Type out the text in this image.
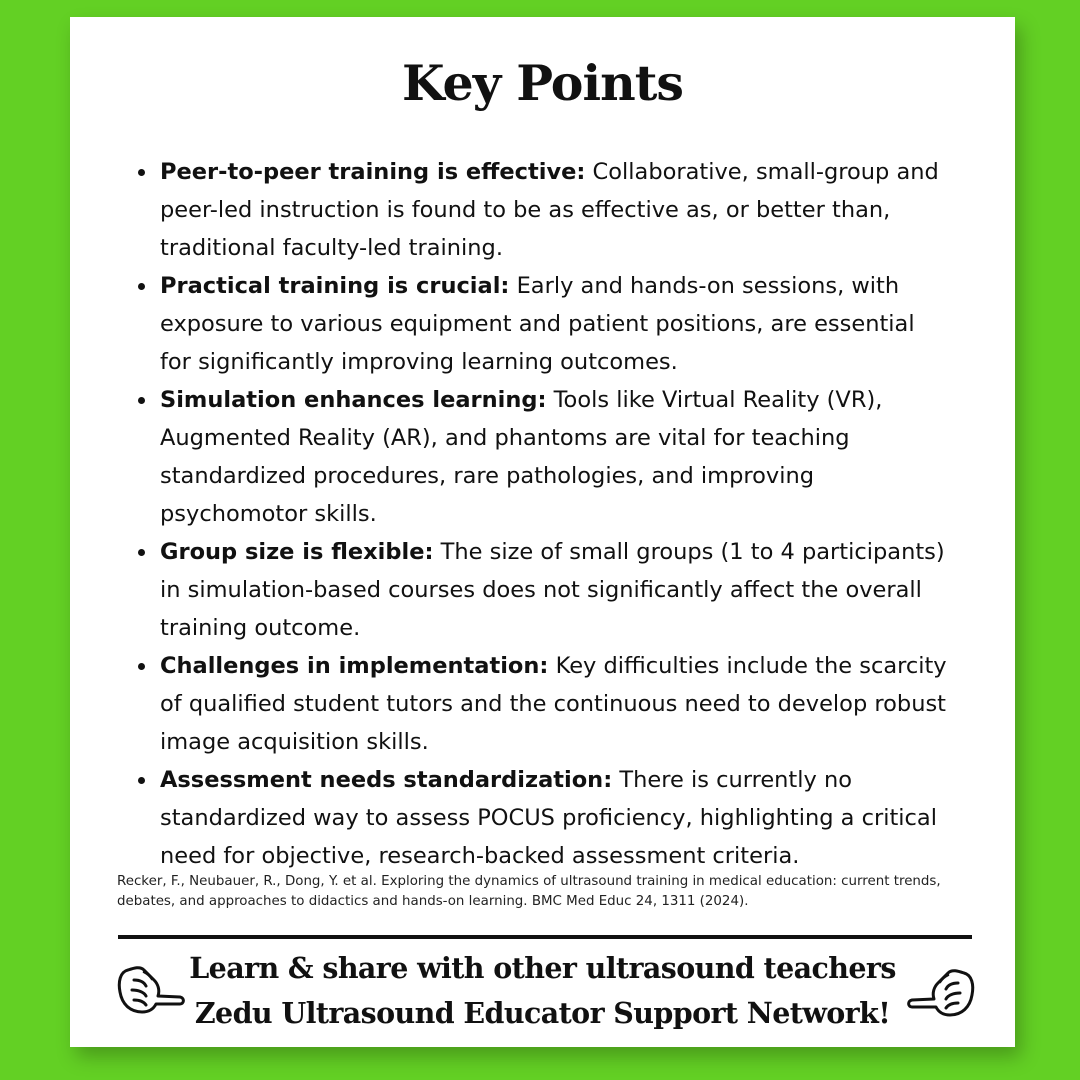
Key Points
Peer-to-peer training is effective: Collaborative, small-group and peer-led instruction is found to be as effective as, or better than, traditional faculty-led training.
Practical training is crucial: Early and hands-on sessions, with exposure to various equipment and patient positions, are essential for significantly improving learning outcomes.
Simulation enhances learning: Tools like Virtual Reality (VR), Augmented Reality (AR), and phantoms are vital for teaching standardized procedures, rare pathologies, and improving psychomotor skills.
Group size is flexible: The size of small groups (1 to 4 participants) in simulation-based courses does not significantly affect the overall training outcome.
Challenges in implementation: Key difficulties include the scarcity of qualified student tutors and the continuous need to develop robust image acquisition skills.
Assessment needs standardization: There is currently no standardized way to assess POCUS proficiency, highlighting a critical need for objective, research-backed assessment criteria.

Recker, F., Neubauer, R., Dong, Y. et al. Exploring the dynamics of ultrasound training in medical education: current trends, debates, and approaches to didactics and hands-on learning. BMC Med Educ 24, 1311 (2024).

Learn & share with other ultrasound teachers
Zedu Ultrasound Educator Support Network!
